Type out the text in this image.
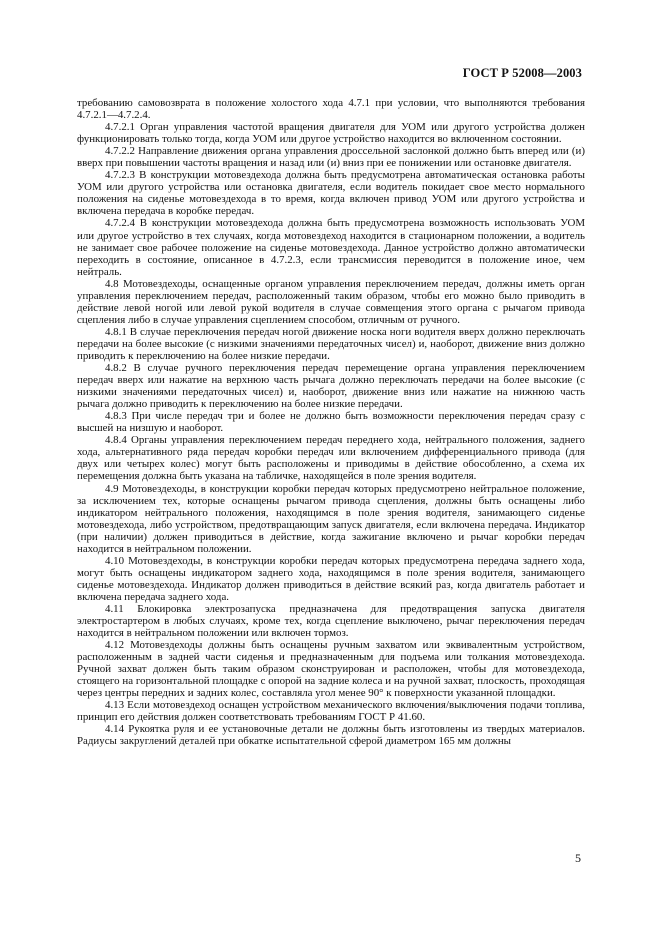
ГОСТ Р 52008—2003

требованию самовозврата в положение холостого хода 4.7.1 при условии, что выполняются требования 4.7.2.1—4.7.2.4.

4.7.2.1 Орган управления частотой вращения двигателя для УОМ или другого устройства должен функционировать только тогда, когда УОМ или другое устройство находится во включенном состоянии.

4.7.2.2 Направление движения органа управления дроссельной заслонкой должно быть вперед или (и) вверх при повышении частоты вращения и назад или (и) вниз при ее понижении или остановке двигателя.

4.7.2.3 В конструкции мотовездехода должна быть предусмотрена автоматическая остановка работы УОМ или другого устройства или остановка двигателя, если водитель покидает свое место нормального положения на сиденье мотовездехода в то время, когда включен привод УОМ или другого устройства и включена передача в коробке передач.

4.7.2.4 В конструкции мотовездехода должна быть предусмотрена возможность использовать УОМ или другое устройство в тех случаях, когда мотовездеход находится в стационарном положении, а водитель не занимает свое рабочее положение на сиденье мотовездехода. Данное устройство должно автоматически переходить в состояние, описанное в 4.7.2.3, если трансмиссия переводится в положение иное, чем нейтраль.

4.8 Мотовездеходы, оснащенные органом управления переключением передач, должны иметь орган управления переключением передач, расположенный таким образом, чтобы его можно было приводить в действие левой ногой или левой рукой водителя в случае совмещения этого органа с рычагом привода сцепления либо в случае управления сцеплением способом, отличным от ручного.

4.8.1 В случае переключения передач ногой движение носка ноги водителя вверх должно переключать передачи на более высокие (с низкими значениями передаточных чисел) и, наоборот, движение вниз должно приводить к переключению на более низкие передачи.

4.8.2 В случае ручного переключения передач перемещение органа управления переключением передач вверх или нажатие на верхнюю часть рычага должно переключать передачи на более высокие (с низкими значениями передаточных чисел) и, наоборот, движение вниз или нажатие на нижнюю часть рычага должно приводить к переключению на более низкие передачи.

4.8.3 При числе передач три и более не должно быть возможности переключения передач сразу с высшей на низшую и наоборот.

4.8.4 Органы управления переключением передач переднего хода, нейтрального положения, заднего хода, альтернативного ряда передач коробки передач или включением дифференциального привода (для двух или четырех колес) могут быть расположены и приводимы в действие обособленно, а схема их перемещения должна быть указана на табличке, находящейся в поле зрения водителя.

4.9 Мотовездеходы, в конструкции коробки передач которых предусмотрено нейтральное положение, за исключением тех, которые оснащены рычагом привода сцепления, должны быть оснащены либо индикатором нейтрального положения, находящимся в поле зрения водителя, занимающего сиденье мотовездехода, либо устройством, предотвращающим запуск двигателя, если включена передача. Индикатор (при наличии) должен приводиться в действие, когда зажигание включено и рычаг коробки передач находится в нейтральном положении.

4.10 Мотовездеходы, в конструкции коробки передач которых предусмотрена передача заднего хода, могут быть оснащены индикатором заднего хода, находящимся в поле зрения водителя, занимающего сиденье мотовездехода. Индикатор должен приводиться в действие всякий раз, когда двигатель работает и включена передача заднего хода.

4.11 Блокировка электрозапуска предназначена для предотвращения запуска двигателя электростартером в любых случаях, кроме тех, когда сцепление выключено, рычаг переключения передач находится в нейтральном положении или включен тормоз.

4.12 Мотовездеходы должны быть оснащены ручным захватом или эквивалентным устройством, расположенным в задней части сиденья и предназначенным для подъема или толкания мотовездехода. Ручной захват должен быть таким образом сконструирован и расположен, чтобы для мотовездехода, стоящего на горизонтальной площадке с опорой на задние колеса и на ручной захват, плоскость, проходящая через центры передних и задних колес, составляла угол менее 90° к поверхности указанной площадки.

4.13 Если мотовездеход оснащен устройством механического включения/выключения подачи топлива, принцип его действия должен соответствовать требованиям ГОСТ Р 41.60.

4.14 Рукоятка руля и ее установочные детали не должны быть изготовлены из твердых материалов. Радиусы закруглений деталей при обкатке испытательной сферой диаметром 165 мм должны

5
